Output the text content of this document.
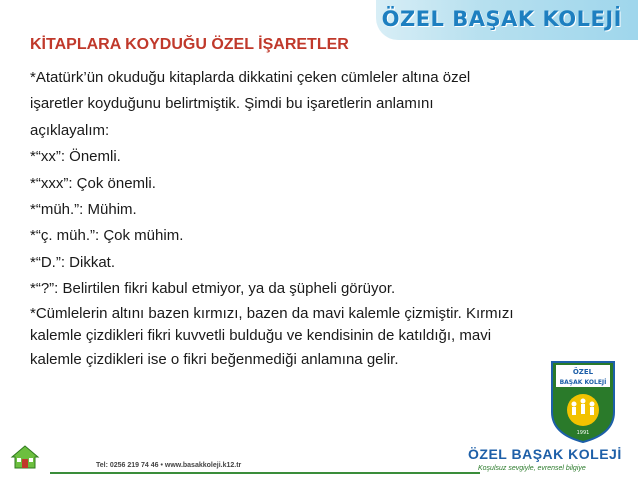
ÖZEL BAŞAK KOLEJİ
KİTAPLARA KOYDUĞU ÖZEL İŞARETLER
*Atatürk’ün okuduğu kitaplarda dikkatini çeken cümleler altına özel
işaretler koyduğunu belirtmiştik. Şimdi bu işaretlerin anlamını
açıklayalım:
*“xx”: Önemli.
*“xxx”: Çok önemli.
*“müh.”: Mühim.
*“ç. müh.”: Çok mühim.
*“D.”: Dikkat.
*“?”: Belirtilen fikri kabul etmiyor, ya da şüpheli görüyor.
*Cümlelerin altını bazen kırmızı, bazen da mavi kalemle çizmiştir. Kırmızı
kalemle çizdikleri fikri kuvvetli bulduğu ve kendisinin de katıldığı, mavi
kalemle çizdikleri ise o fikri beğenmediği anlamına gelir.
Tel: 0256 219 74 46 • www.basakkoleji.k12.tr
ÖZEL
BAŞAK KOLEJİ
1991
ÖZEL BAŞAK KOLEJİ
Koşulsuz sevgiyle, evrensel bilgiye
